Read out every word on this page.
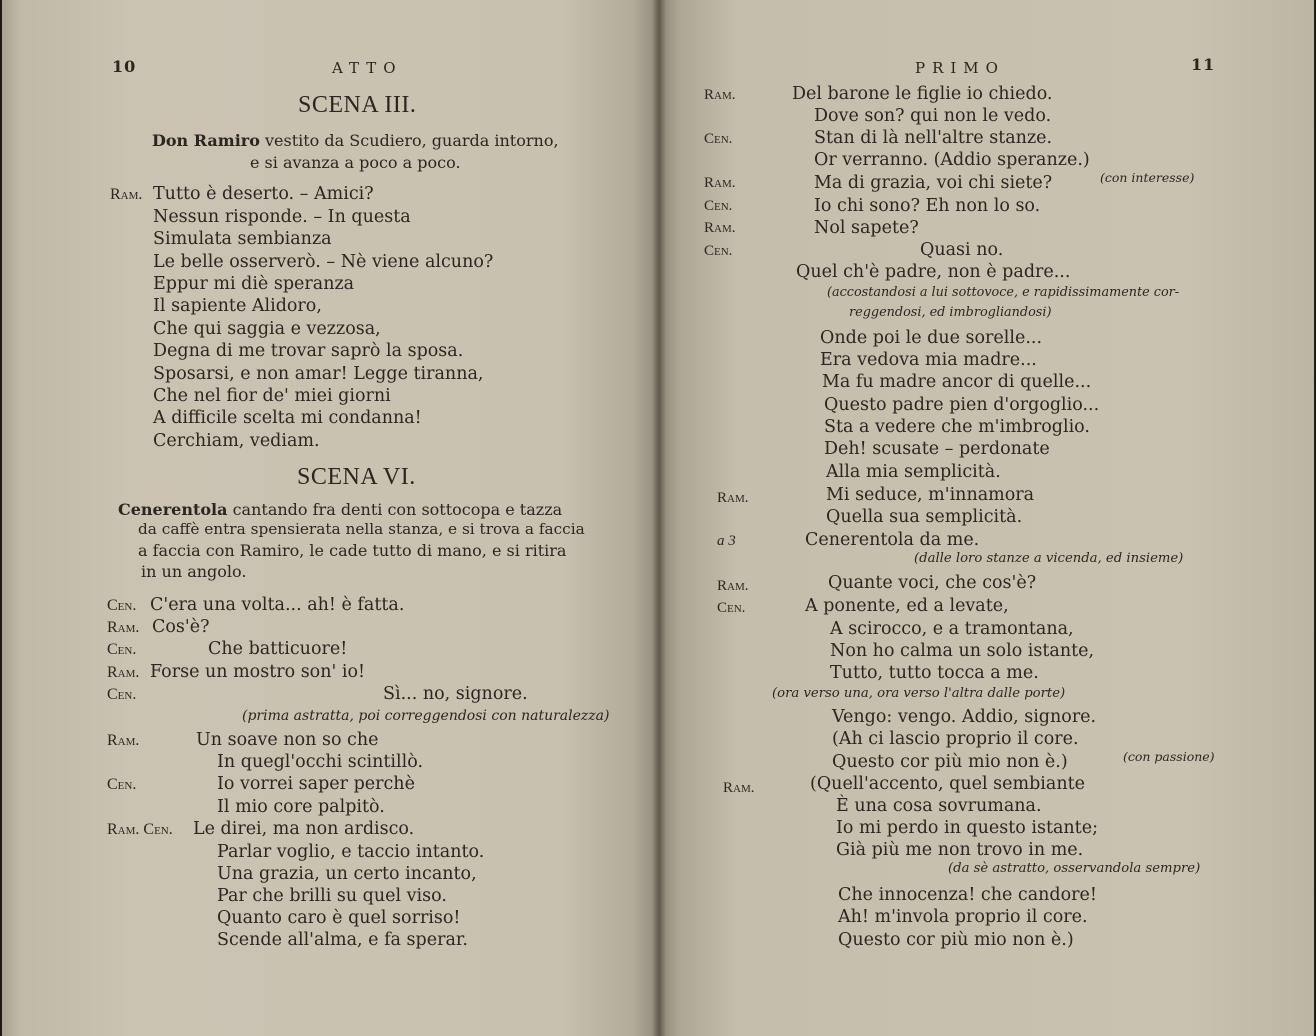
10	ATTO
SCENA III.
Don Ramiro vestito da Scudiero, guarda intorno,
e si avanza a poco a poco.
Ram. Tutto è deserto. – Amici?
Nessun risponde. – In questa
Simulata sembianza
Le belle osserverò. – Nè viene alcuno?
Eppur mi diè speranza
Il sapiente Alidoro,
Che qui saggia e vezzosa,
Degna di me trovar saprò la sposa.
Sposarsi, e non amar! Legge tiranna,
Che nel fior de' miei giorni
A difficile scelta mi condanna!
Cerchiam, vediam.
SCENA VI.
Cenerentola cantando fra denti con sottocopa e tazza
da caffè entra spensierata nella stanza, e si trova a faccia
a faccia con Ramiro, le cade tutto di mano, e si ritira
in un angolo.
Cen. C'era una volta... ah! è fatta.
Ram. Cos'è?
Cen.	Che batticuore!
Ram. Forse un mostro son' io!
Cen.	Sì... no, signore.
(prima astratta, poi correggendosi con naturalezza)
Ram.	Un soave non so che
In quegl'occhi scintillò.
Cen.	Io vorrei saper perchè
Il mio core palpitò.
Ram. Cen. Le direi, ma non ardisco.
Parlar voglio, e taccio intanto.
Una grazia, un certo incanto,
Par che brilli su quel viso.
Quanto caro è quel sorriso!
Scende all'alma, e fa sperar.
PRIMO	11
Ram.	Del barone le figlie io chiedo.
Dove son? qui non le vedo.
Cen.	Stan di là nell'altre stanze.
Or verranno. (Addio speranze.)
Ram.	Ma di grazia, voi chi siete?	(con interesse)
Cen.	Io chi sono? Eh non lo so.
Ram.	Nol sapete?
Cen.	Quasi no.
Quel ch'è padre, non è padre...
(accostandosi a lui sottovoce, e rapidissimamente cor-
reggendosi, ed imbrogliandosi)
Onde poi le due sorelle...
Era vedova mia madre...
Ma fu madre ancor di quelle...
Questo padre pien d'orgoglio...
Sta a vedere che m'imbroglio.
Deh! scusate – perdonate
Alla mia semplicità.
Ram.	Mi seduce, m'innamora
Quella sua semplicità.
a 3	Cenerentola da me.
(dalle loro stanze a vicenda, ed insieme)
Ram.	Quante voci, che cos'è?
Cen.	A ponente, ed a levate,
A scirocco, e a tramontana,
Non ho calma un solo istante,
Tutto, tutto tocca a me.
(ora verso una, ora verso l'altra dalle porte)
Vengo: vengo. Addio, signore.
(Ah ci lascio proprio il core.
Questo cor più mio non è.)	(con passione)
Ram.	(Quell'accento, quel sembiante
È una cosa sovrumana.
Io mi perdo in questo istante;
Già più me non trovo in me.
(da sè astratto, osservandola sempre)
Che innocenza! che candore!
Ah! m'invola proprio il core.
Questo cor più mio non è.)
